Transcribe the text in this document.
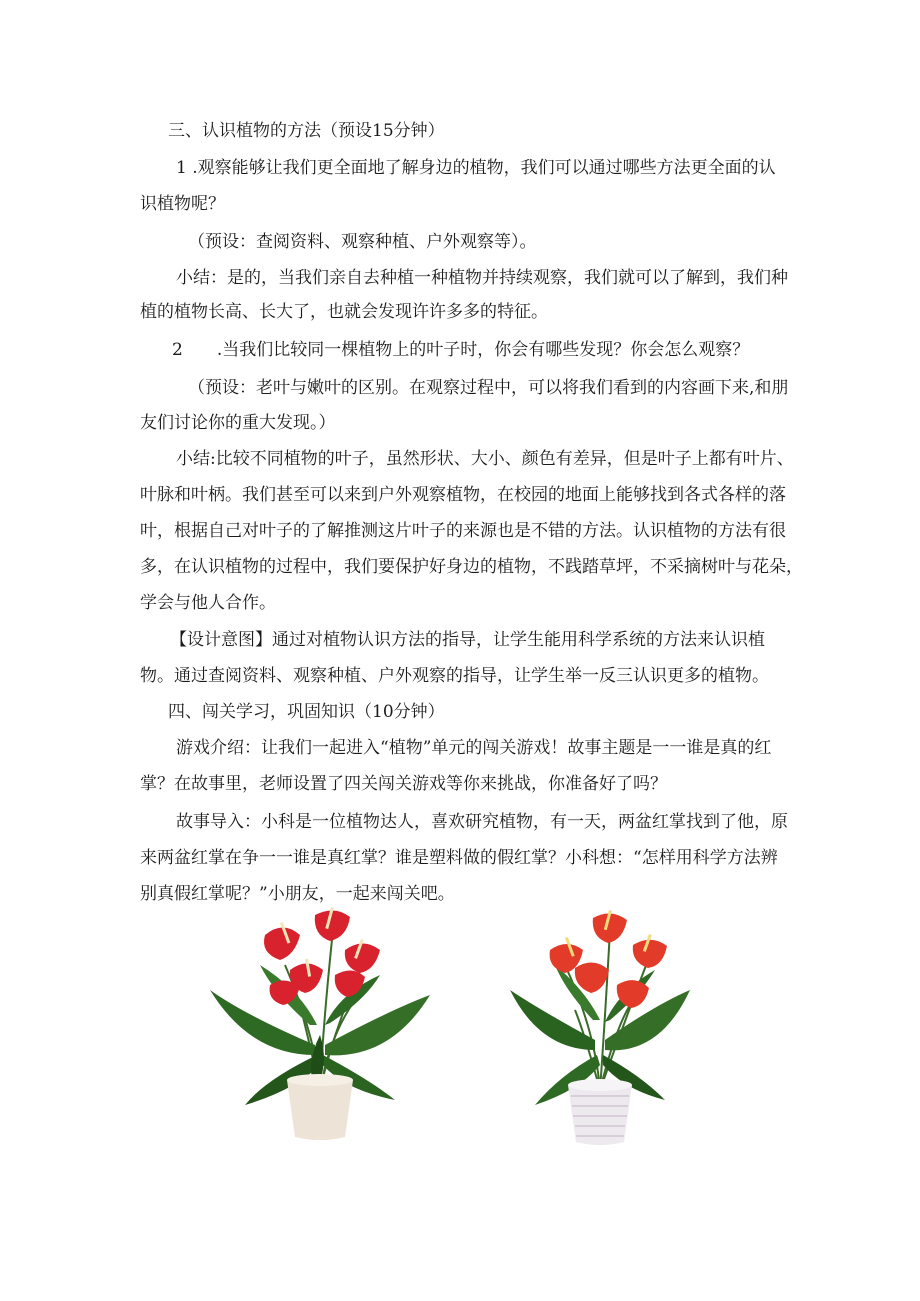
三、认识植物的方法（预设15分钟）
1 .观察能够让我们更全面地了解身边的植物，我们可以通过哪些方法更全面的认
识植物呢？
（预设：查阅资料、观察种植、户外观察等）。
小结：是的，当我们亲自去种植一种植物并持续观察，我们就可以了解到，我们种
植的植物长高、长大了，也就会发现许许多多的特征。
2　　.当我们比较同一棵植物上的叶子时，你会有哪些发现？你会怎么观察？
（预设：老叶与嫩叶的区别。在观察过程中，可以将我们看到的内容画下来,和朋
友们讨论你的重大发现。）
小结:比较不同植物的叶子，虽然形状、大小、颜色有差异，但是叶子上都有叶片、
叶脉和叶柄。我们甚至可以来到户外观察植物，在校园的地面上能够找到各式各样的落
叶，根据自己对叶子的了解推测这片叶子的来源也是不错的方法。认识植物的方法有很
多，在认识植物的过程中，我们要保护好身边的植物，不践踏草坪，不采摘树叶与花朵，
学会与他人合作。
【设计意图】通过对植物认识方法的指导，让学生能用科学系统的方法来认识植
物。通过查阅资料、观察种植、户外观察的指导，让学生举一反三认识更多的植物。
四、闯关学习，巩固知识（10分钟）
游戏介绍：让我们一起进入“植物”单元的闯关游戏！故事主题是一一谁是真的红
掌？在故事里，老师设置了四关闯关游戏等你来挑战，你准备好了吗？
故事导入：小科是一位植物达人，喜欢研究植物，有一天，两盆红掌找到了他，原
来两盆红掌在争一一谁是真红掌？谁是塑料做的假红掌？小科想：“怎样用科学方法辨
别真假红掌呢？”小朋友，一起来闯关吧。
